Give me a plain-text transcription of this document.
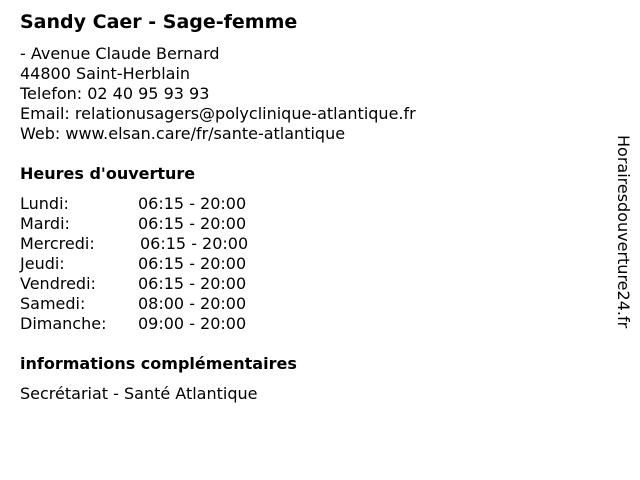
Sandy Caer - Sage-femme
- Avenue Claude Bernard
44800 Saint-Herblain
Telefon: 02 40 95 93 93
Email: relationusagers@polyclinique-atlantique.fr
Web: www.elsan.care/fr/sante-atlantique
Heures d'ouverture
Lundi:	06:15 - 20:00
Mardi:	06:15 - 20:00
Mercredi:	06:15 - 20:00
Jeudi:	06:15 - 20:00
Vendredi:	06:15 - 20:00
Samedi:	08:00 - 20:00
Dimanche:	09:00 - 20:00
informations complémentaires
Secrétariat - Santé Atlantique
Horairesdouverture24.fr
